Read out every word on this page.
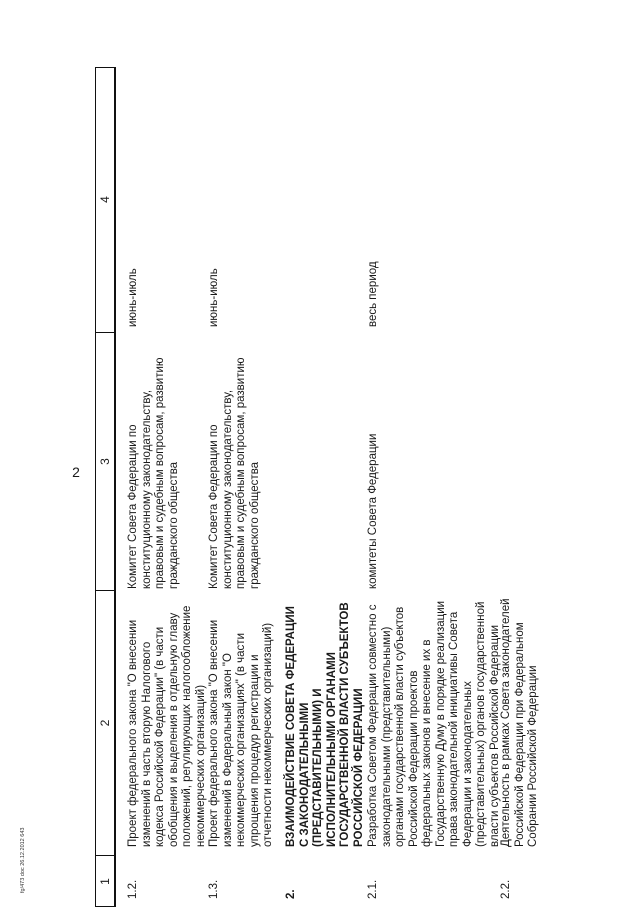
2
1
2
3
4
1.2.
Проект федерального закона "О внесении изменений в часть вторую Налогового кодекса Российской Федерации" (в части обобщения и выделения в отдельную главу положений, регулирующих налогообложение некоммерческих организаций)
Комитет Совета Федерации по конституционному законодательству, правовым и судебным вопросам, развитию гражданского общества
июнь-июль
1.3.
Проект федерального закона "О внесении изменений в Федеральный закон "О некоммерческих организациях" (в части упрощения процедур регистрации и отчетности некоммерческих организаций)
Комитет Совета Федерации по конституционному законодательству, правовым и судебным вопросам, развитию гражданского общества
июнь-июль
2.
ВЗАИМОДЕЙСТВИЕ СОВЕТА ФЕДЕРАЦИИ С ЗАКОНОДАТЕЛЬНЫМИ (ПРЕДСТАВИТЕЛЬНЫМИ) И ИСПОЛНИТЕЛЬНЫМИ ОРГАНАМИ ГОСУДАРСТВЕННОЙ ВЛАСТИ СУБЪЕКТОВ РОССИЙСКОЙ ФЕДЕРАЦИИ
2.1.
Разработка Советом Федерации совместно с законодательными (представительными) органами государственной власти субъектов Российской Федерации проектов федеральных законов и внесение их в Государственную Думу в порядке реализации права законодательной инициативы Совета Федерации и законодательных (представительных) органов государственной власти субъектов Российской Федерации
комитеты Совета Федерации
весь период
2.2.
Деятельность в рамках Совета законодателей Российской Федерации при Федеральном Собрании Российской Федерации
fg/473 doc 26.12.2012 643
